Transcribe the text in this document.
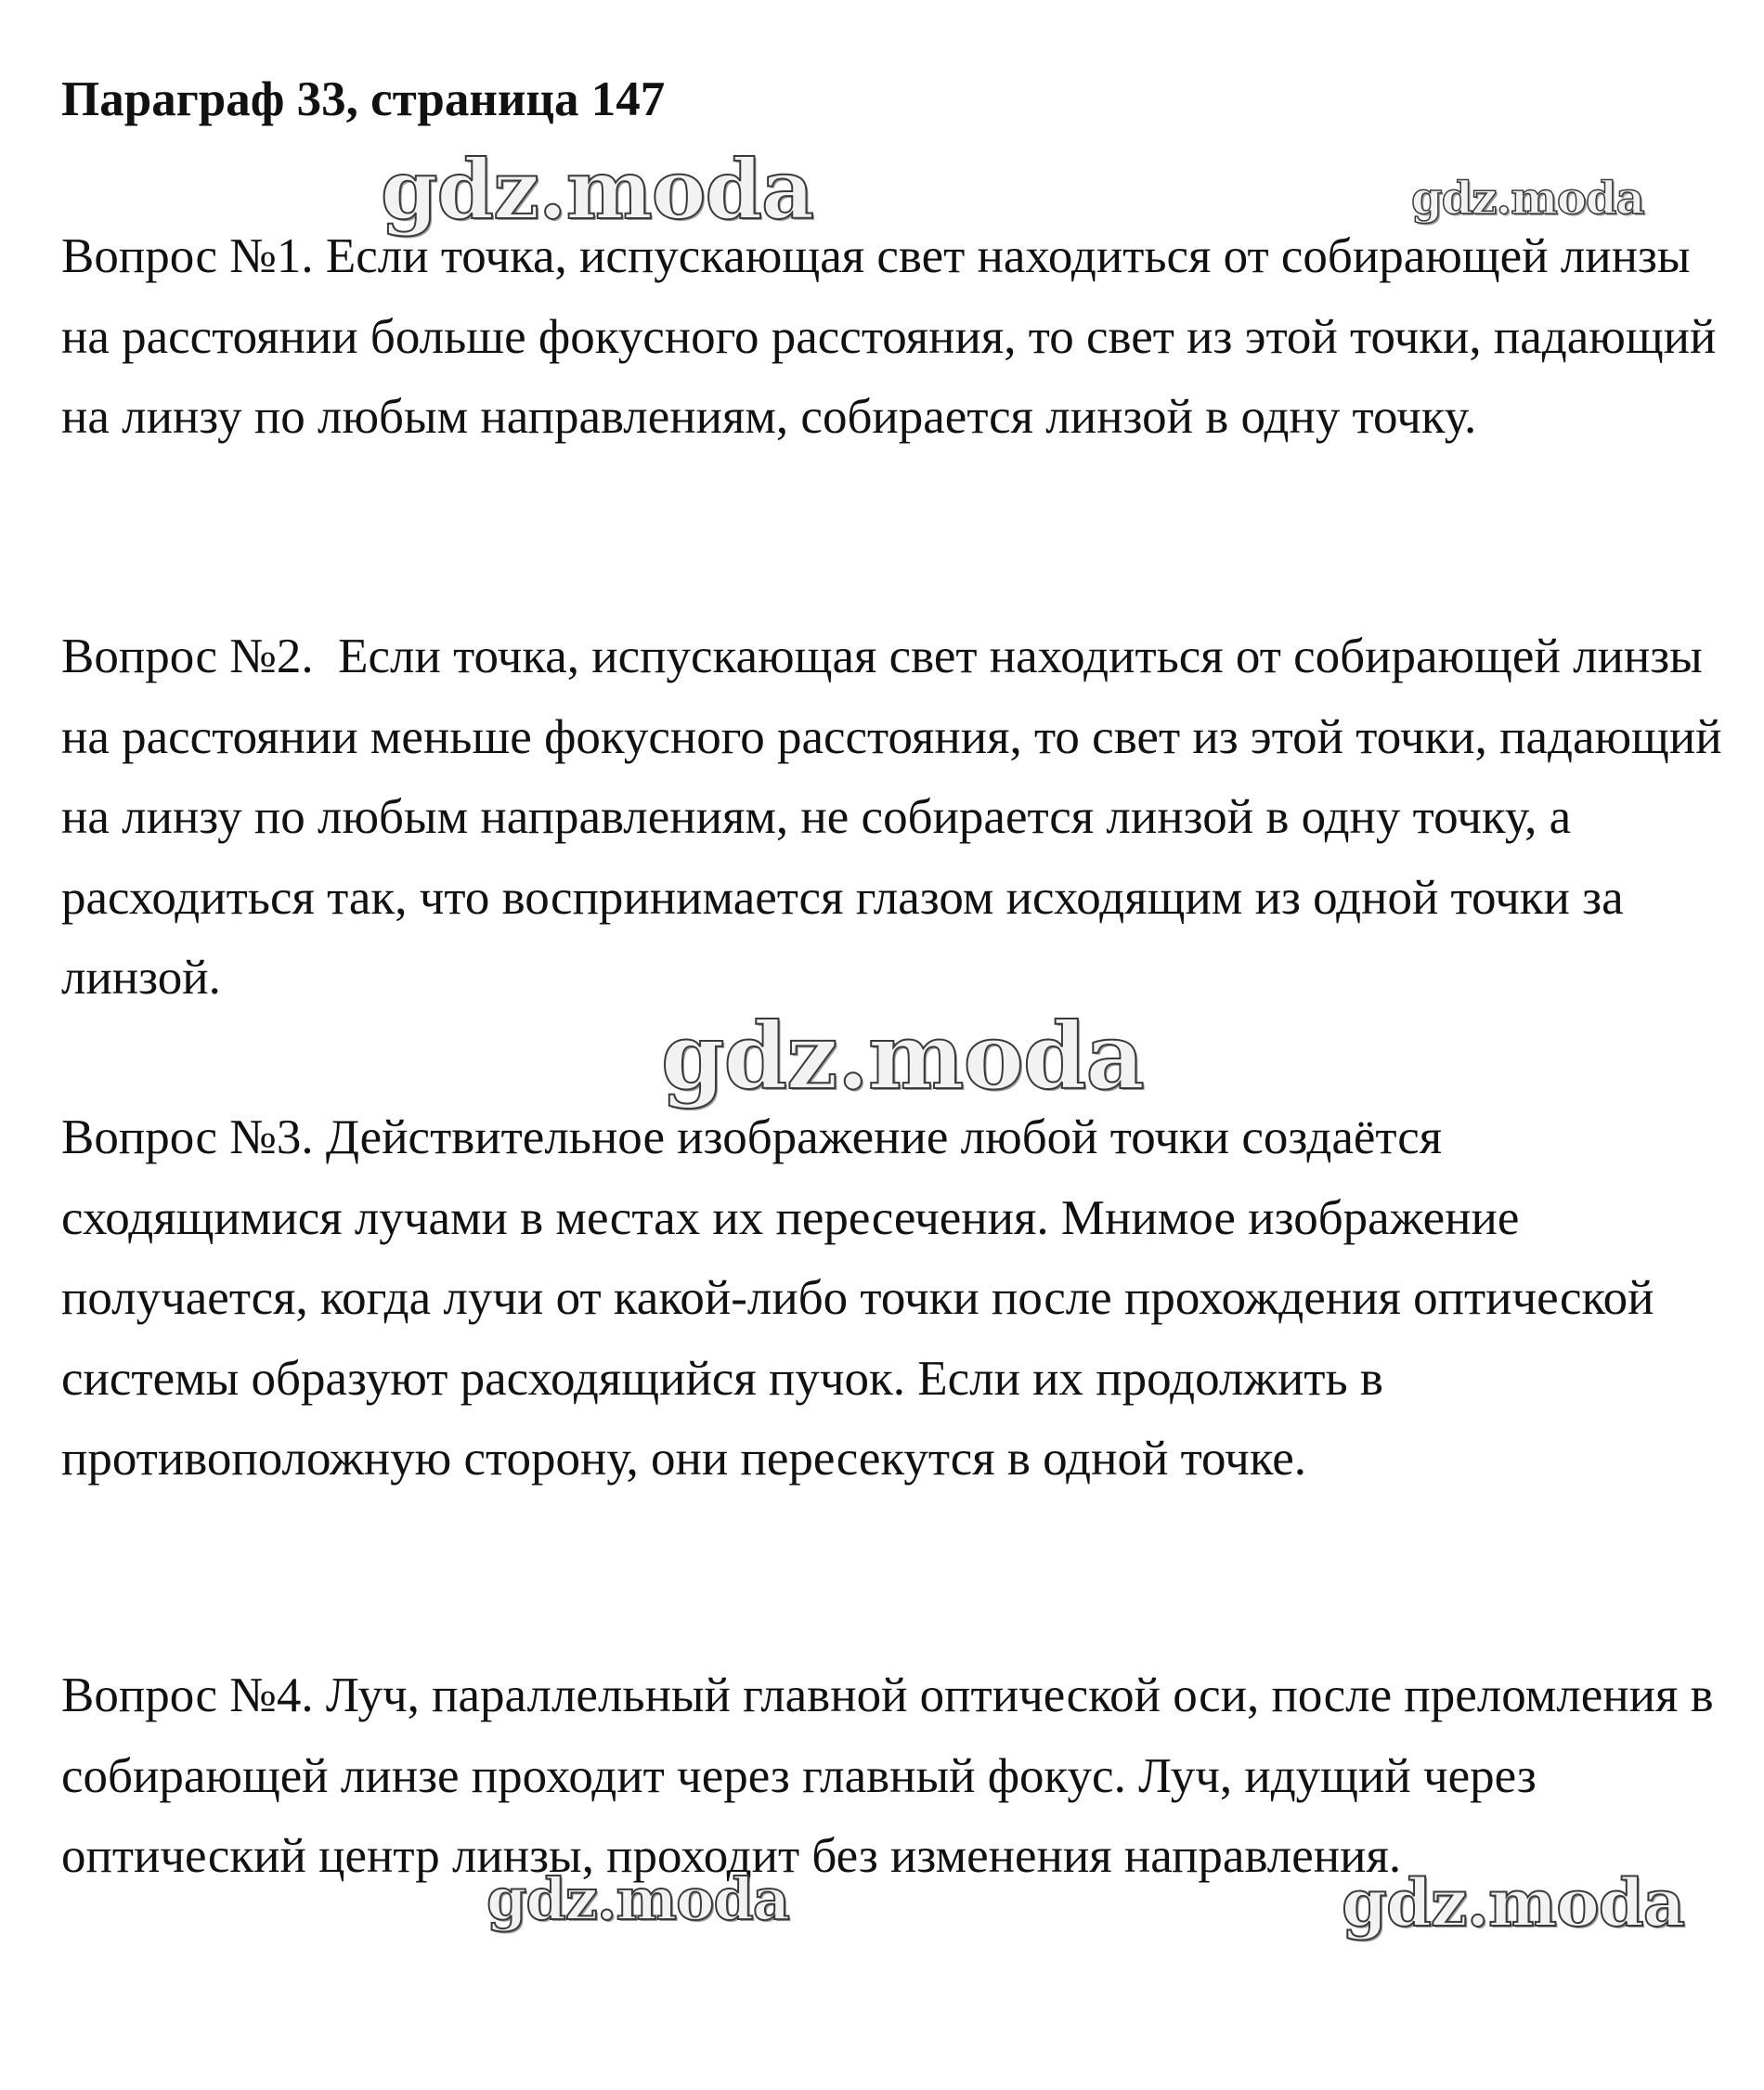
Параграф 33, страница 147

Вопрос №1. Если точка, испускающая свет находиться от собирающей линзы на расстоянии больше фокусного расстояния, то свет из этой точки, падающий на линзу по любым направлениям, собирается линзой в одну точку.

Вопрос №2. Если точка, испускающая свет находиться от собирающей линзы на расстоянии меньше фокусного расстояния, то свет из этой точки, падающий на линзу по любым направлениям, не собирается линзой в одну точку, а расходиться так, что воспринимается глазом исходящим из одной точки за линзой.

Вопрос №3. Действительное изображение любой точки создаётся сходящимися лучами в местах их пересечения. Мнимое изображение получается, когда лучи от какой-либо точки после прохождения оптической системы образуют расходящийся пучок. Если их продолжить в противоположную сторону, они пересекутся в одной точке.

Вопрос №4. Луч, параллельный главной оптической оси, после преломления в собирающей линзе проходит через главный фокус. Луч, идущий через оптический центр линзы, проходит без изменения направления.

gdz.moda	gdz.moda
gdz.moda
gdz.moda	gdz.moda
